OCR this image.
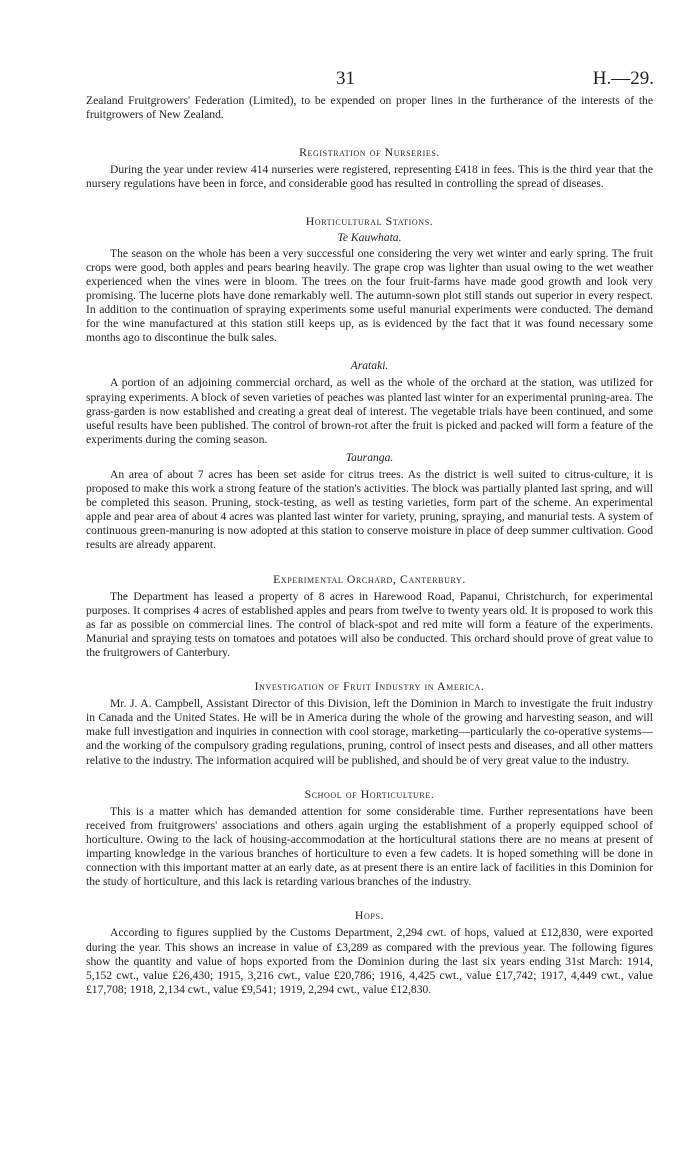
31	H.—29.

Zealand Fruitgrowers' Federation (Limited), to be expended on proper lines in the furtherance of the interests of the fruitgrowers of New Zealand.

Registration of Nurseries.

During the year under review 414 nurseries were registered, representing £418 in fees. This is the third year that the nursery regulations have been in force, and considerable good has resulted in controlling the spread of diseases.

Horticultural Stations.

Te Kauwhata.

The season on the whole has been a very successful one considering the very wet winter and early spring. The fruit crops were good, both apples and pears bearing heavily. The grape crop was lighter than usual owing to the wet weather experienced when the vines were in bloom. The trees on the four fruit-farms have made good growth and look very promising. The lucerne plots have done remarkably well. The autumn-sown plot still stands out superior in every respect. In addition to the continuation of spraying experiments some useful manurial experiments were conducted. The demand for the wine manufactured at this station still keeps up, as is evidenced by the fact that it was found necessary some months ago to discontinue the bulk sales.

Arataki.

A portion of an adjoining commercial orchard, as well as the whole of the orchard at the station, was utilized for spraying experiments. A block of seven varieties of peaches was planted last winter for an experimental pruning-area. The grass-garden is now established and creating a great deal of interest. The vegetable trials have been continued, and some useful results have been published. The control of brown-rot after the fruit is picked and packed will form a feature of the experiments during the coming season.

Tauranga.

An area of about 7 acres has been set aside for citrus trees. As the district is well suited to citrus-culture, it is proposed to make this work a strong feature of the station's activities. The block was partially planted last spring, and will be completed this season. Pruning, stock-testing, as well as testing varieties, form part of the scheme. An experimental apple and pear area of about 4 acres was planted last winter for variety, pruning, spraying, and manurial tests. A system of continuous green-manuring is now adopted at this station to conserve moisture in place of deep summer cultivation. Good results are already apparent.

Experimental Orchard, Canterbury.

The Department has leased a property of 8 acres in Harewood Road, Papanui, Christchurch, for experimental purposes. It comprises 4 acres of established apples and pears from twelve to twenty years old. It is proposed to work this as far as possible on commercial lines. The control of black-spot and red mite will form a feature of the experiments. Manurial and spraying tests on tomatoes and potatoes will also be conducted. This orchard should prove of great value to the fruitgrowers of Canterbury.

Investigation of Fruit Industry in America.

Mr. J. A. Campbell, Assistant Director of this Division, left the Dominion in March to investigate the fruit industry in Canada and the United States. He will be in America during the whole of the growing and harvesting season, and will make full investigation and inquiries in connection with cool storage, marketing—particularly the co-operative systems—and the working of the compulsory grading regulations, pruning, control of insect pests and diseases, and all other matters relative to the industry. The information acquired will be published, and should be of very great value to the industry.

School of Horticulture.

This is a matter which has demanded attention for some considerable time. Further representations have been received from fruitgrowers' associations and others again urging the establishment of a properly equipped school of horticulture. Owing to the lack of housing-accommodation at the horticultural stations there are no means at present of imparting knowledge in the various branches of horticulture to even a few cadets. It is hoped something will be done in connection with this important matter at an early date, as at present there is an entire lack of facilities in this Dominion for the study of horticulture, and this lack is retarding various branches of the industry.

Hops.

According to figures supplied by the Customs Department, 2,294 cwt. of hops, valued at £12,830, were exported during the year. This shows an increase in value of £3,289 as compared with the previous year. The following figures show the quantity and value of hops exported from the Dominion during the last six years ending 31st March: 1914, 5,152 cwt., value £26,430; 1915, 3,216 cwt., value £20,786; 1916, 4,425 cwt., value £17,742; 1917, 4,449 cwt., value £17,708; 1918, 2,134 cwt., value £9,541; 1919, 2,294 cwt., value £12,830.
